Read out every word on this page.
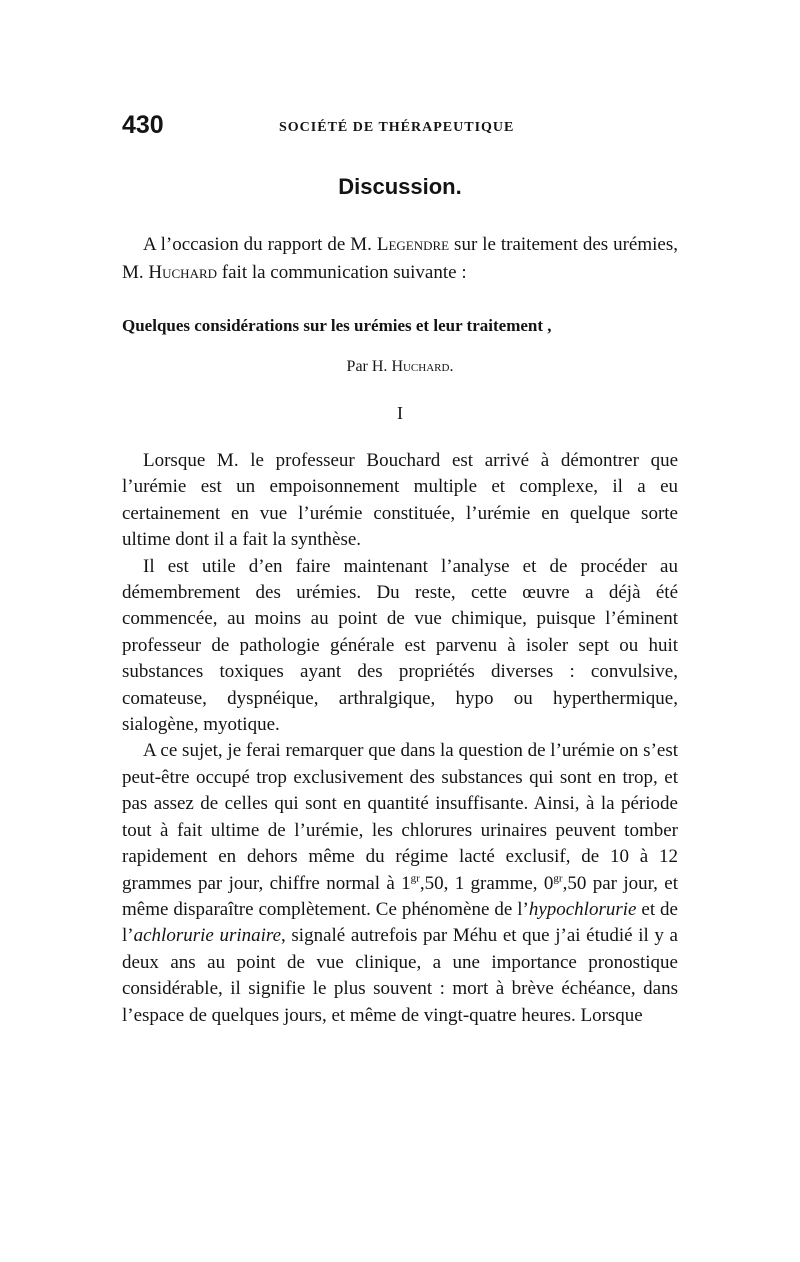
430	SOCIÉTÉ DE THÉRAPEUTIQUE
Discussion.

A l’occasion du rapport de M. Legendre sur le traitement des urémies, M. Huchard fait la communication suivante :

Quelques considérations sur les urémies et leur traitement ,
Par H. Huchard.
I

Lorsque M. le professeur Bouchard est arrivé à démontrer que l’urémie est un empoisonnement multiple et complexe, il a eu certainement en vue l’urémie constituée, l’urémie en quelque sorte ultime dont il a fait la synthèse.

Il est utile d’en faire maintenant l’analyse et de procéder au démembrement des urémies. Du reste, cette œuvre a déjà été commencée, au moins au point de vue chimique, puisque l’éminent professeur de pathologie générale est parvenu à isoler sept ou huit substances toxiques ayant des propriétés diverses : convulsive, comateuse, dyspnéique, arthralgique, hypo ou hyperthermique, sialogène, myotique.

A ce sujet, je ferai remarquer que dans la question de l’urémie on s’est peut-être occupé trop exclusivement des substances qui sont en trop, et pas assez de celles qui sont en quantité insuffisante. Ainsi, à la période tout à fait ultime de l’urémie, les chlorures urinaires peuvent tomber rapidement en dehors même du régime lacté exclusif, de 10 à 12 grammes par jour, chiffre normal à $1^{gr},50$, 1 gramme, $0^{gr},50$ par jour, et même disparaître complètement. Ce phénomène de l’hypochlorurie et de l’achlorurie urinaire, signalé autrefois par Méhu et que j’ai étudié il y a deux ans au point de vue clinique, a une importance pronostique considérable, il signifie le plus souvent : mort à brève échéance, dans l’espace de quelques jours, et même de vingt-quatre heures. Lorsque
